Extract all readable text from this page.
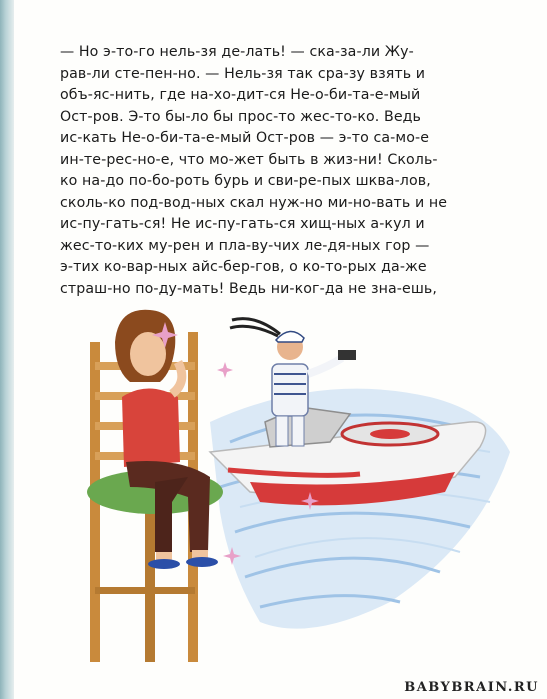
— Но э-то-го нель-зя де-лать! — ска-за-ли Жу-
рав-ли сте-пен-но. — Нель-зя так сра-зу взять и
объ-яс-нить, где на-хо-дит-ся Не-о-би-та-е-мый
Ост-ров. Э-то бы-ло бы прос-то жес-то-ко. Ведь
ис-кать Не-о-би-та-е-мый Ост-ров — э-то са-мо-е
ин-те-рес-но-е, что мо-жет быть в жиз-ни! Сколь-
ко на-до по-бо-роть бурь и сви-ре-пых шква-лов,
сколь-ко под-вод-ных скал нуж-но ми-но-вать и не
ис-пу-гать-ся! Не ис-пу-гать-ся хищ-ных а-кул и
жес-то-ких му-рен и пла-ву-чих ле-дя-ных гор —
э-тих ко-вар-ных айс-бер-гов, о ко-то-рых да-же
страш-но по-ду-мать! Ведь ни-ког-да не зна-ешь,
BABYBRAIN.RU
